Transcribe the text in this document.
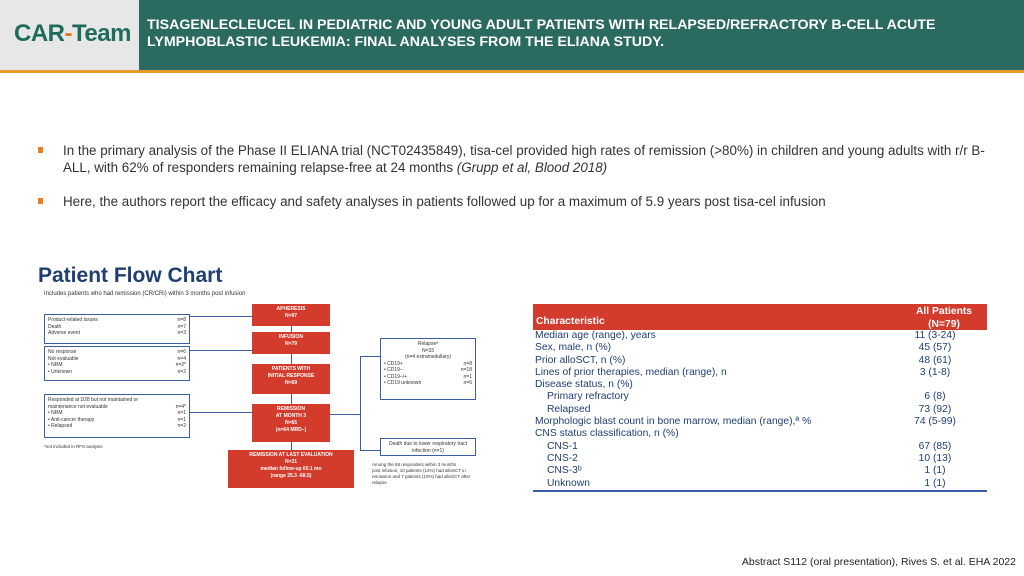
CAR-Team TISAGENLECLEUCEL IN PEDIATRIC AND YOUNG ADULT PATIENTS WITH RELAPSED/REFRACTORY B-CELL ACUTE LYMPHOBLASTIC LEUKEMIA: FINAL ANALYSES FROM THE ELIANA STUDY.
In the primary analysis of the Phase II ELIANA trial (NCT02435849), tisa-cel provided high rates of remission (>80%) in children and young adults with r/r B-ALL, with 62% of responders remaining relapse-free at 24 months (Grupp et al, Blood 2018)
Here, the authors report the efficacy and safety analyses in patients followed up for a maximum of 5.9 years post tisa-cel infusion
Patient Flow Chart
Includes patients who had remission (CR/CRi) within 3 months post infusion
Product-related issues	n=8
Death	n=7
Adverse event	n=3
No response	n=6
Not evaluable	n=4
• NRM	n=2*
• Unknown	n=2
Responded at D28 but not maintained or
maintenance not evaluable	n=4*
• NRM	n=1
• Anti-cancer therapy	n=1
• Relapsed	n=2
*not included in RFS analysis
APHERESIS
N=97
INFUSION
N=79
PATIENTS WITH
INITIAL RESPONSE
N=69
REMISSION
AT MONTH 3
N=65
(n=64 MRD–)
REMISSION AT LAST EVALUATION
N=31
median follow-up 60.1 mo
(range 25.3 -68.5)
Relapseª
N=33
(n=4 extramedullary)
• CD19+	n=8
• CD19–	n=18
• CD19–/+	n=1
• CD19 unknown	n=6
Death due to lower respiratory tract
infection (n=1)
Among the 69 responders within 3 months
post infusion, 10 patients (14%) had alloSCT in
remission and 7 patients (10%) had alloSCT after
relapse
Characteristic
All Patients
(N=79)
Median age (range), years	11 (3-24)
Sex, male, n (%)	45 (57)
Prior alloSCT, n (%)	48 (61)
Lines of prior therapies, median (range), n	3 (1-8)
Disease status, n (%)
Primary refractory	6 (8)
Relapsed	73 (92)
Morphologic blast count in bone marrow, median (range),ª %	74 (5-99)
CNS status classification, n (%)
CNS-1	67 (85)
CNS-2	10 (13)
CNS-3ᵇ	1 (1)
Unknown	1 (1)
Abstract S112 (oral presentation), Rives S. et al. EHA 2022
